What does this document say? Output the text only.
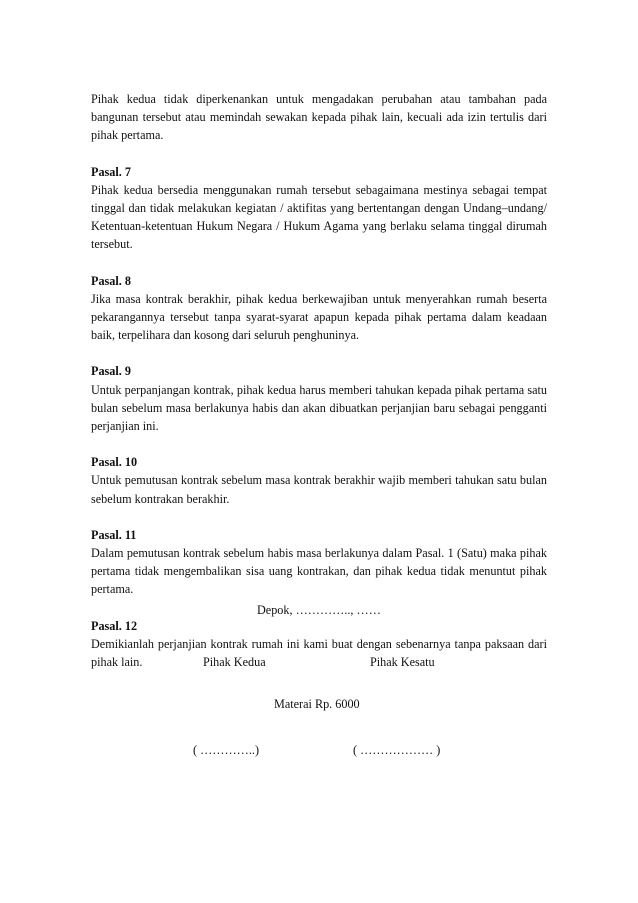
Pihak kedua tidak diperkenankan untuk mengadakan perubahan atau tambahan pada bangunan tersebut atau memindah sewakan kepada pihak lain, kecuali ada izin tertulis dari pihak pertama.

Pasal. 7

Pihak kedua bersedia menggunakan rumah tersebut sebagaimana mestinya sebagai tempat tinggal dan tidak melakukan kegiatan / aktifitas yang bertentangan dengan Undang–undang/ Ketentuan-ketentuan Hukum Negara / Hukum Agama yang berlaku selama tinggal dirumah tersebut.

Pasal. 8

Jika masa kontrak berakhir, pihak kedua berkewajiban untuk menyerahkan rumah beserta pekarangannya tersebut tanpa syarat-syarat apapun kepada pihak pertama dalam keadaan baik, terpelihara dan kosong dari seluruh penghuninya.

Pasal. 9

Untuk perpanjangan kontrak, pihak kedua harus memberi tahukan kepada pihak pertama satu bulan sebelum masa berlakunya habis dan akan dibuatkan perjanjian baru sebagai pengganti perjanjian ini.

Pasal. 10

Untuk pemutusan kontrak sebelum masa kontrak berakhir wajib memberi tahukan satu bulan sebelum kontrakan berakhir.

Pasal. 11

Dalam pemutusan kontrak sebelum habis masa berlakunya dalam Pasal. 1 (Satu) maka pihak pertama tidak mengembalikan sisa uang kontrakan, dan pihak kedua tidak menuntut pihak pertama.

Pasal. 12

Demikianlah perjanjian kontrak rumah ini kami buat dengan sebenarnya tanpa paksaan dari pihak lain.

Depok, ………….., ……
Pihak Kedua	Pihak Kesatu
Materai Rp. 6000
( …………..)	( ……………… )
